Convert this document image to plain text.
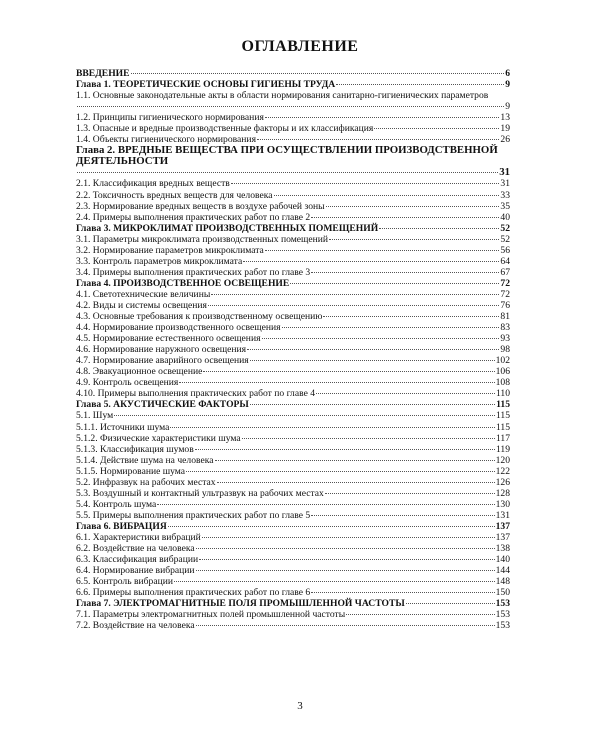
ОГЛАВЛЕНИЕ
ВВЕДЕНИЕ	6
Глава 1. ТЕОРЕТИЧЕСКИЕ ОСНОВЫ ГИГИЕНЫ ТРУДА	9
1.1. Основные законодательные акты в области нормирования санитарно-гигиенических параметров
9
1.2. Принципы гигиенического нормирования	13
1.3. Опасные и вредные производственные факторы и их классификация	19
1.4. Объекты гигиенического нормирования	26
Глава 2. ВРЕДНЫЕ ВЕЩЕСТВА ПРИ ОСУЩЕСТВЛЕНИИ ПРОИЗВОДСТВЕННОЙ ДЕЯТЕЛЬНОСТИ
31
2.1. Классификация вредных веществ	31
2.2. Токсичность вредных веществ для человека	33
2.3. Нормирование вредных веществ в воздухе рабочей зоны	35
2.4. Примеры выполнения практических работ по главе 2	40
Глава 3. МИКРОКЛИМАТ ПРОИЗВОДСТВЕННЫХ ПОМЕЩЕНИЙ	52
3.1. Параметры микроклимата производственных помещений	52
3.2. Нормирование параметров микроклимата	56
3.3. Контроль параметров микроклимата	64
3.4. Примеры выполнения практических работ по главе 3	67
Глава 4. ПРОИЗВОДСТВЕННОЕ ОСВЕЩЕНИЕ	72
4.1. Светотехнические величины	72
4.2. Виды и системы освещения	76
4.3. Основные требования к производственному освещению	81
4.4. Нормирование производственного освещения	83
4.5. Нормирование естественного освещения	93
4.6. Нормирование наружного освещения	98
4.7. Нормирование аварийного освещения	102
4.8. Эвакуационное освещение	106
4.9. Контроль освещения	108
4.10. Примеры выполнения практических работ по главе 4	110
Глава 5. АКУСТИЧЕСКИЕ ФАКТОРЫ	115
5.1. Шум	115
5.1.1. Источники шума	115
5.1.2. Физические характеристики шума	117
5.1.3. Классификация шумов	119
5.1.4. Действие шума на человека	120
5.1.5. Нормирование шума	122
5.2. Инфразвук на рабочих местах	126
5.3. Воздушный и контактный ультразвук на рабочих местах	128
5.4. Контроль шума	130
5.5. Примеры выполнения практических работ по главе 5	131
Глава 6. ВИБРАЦИЯ	137
6.1. Характеристики вибраций	137
6.2. Воздействие на человека	138
6.3. Классификация вибрации	140
6.4. Нормирование вибрации	144
6.5. Контроль вибрации	148
6.6. Примеры выполнения практических работ по главе 6	150
Глава 7. ЭЛЕКТРОМАГНИТНЫЕ ПОЛЯ ПРОМЫШЛЕННОЙ ЧАСТОТЫ	153
7.1. Параметры электромагнитных полей промышленной частоты	153
7.2. Воздействие на человека	153
3
